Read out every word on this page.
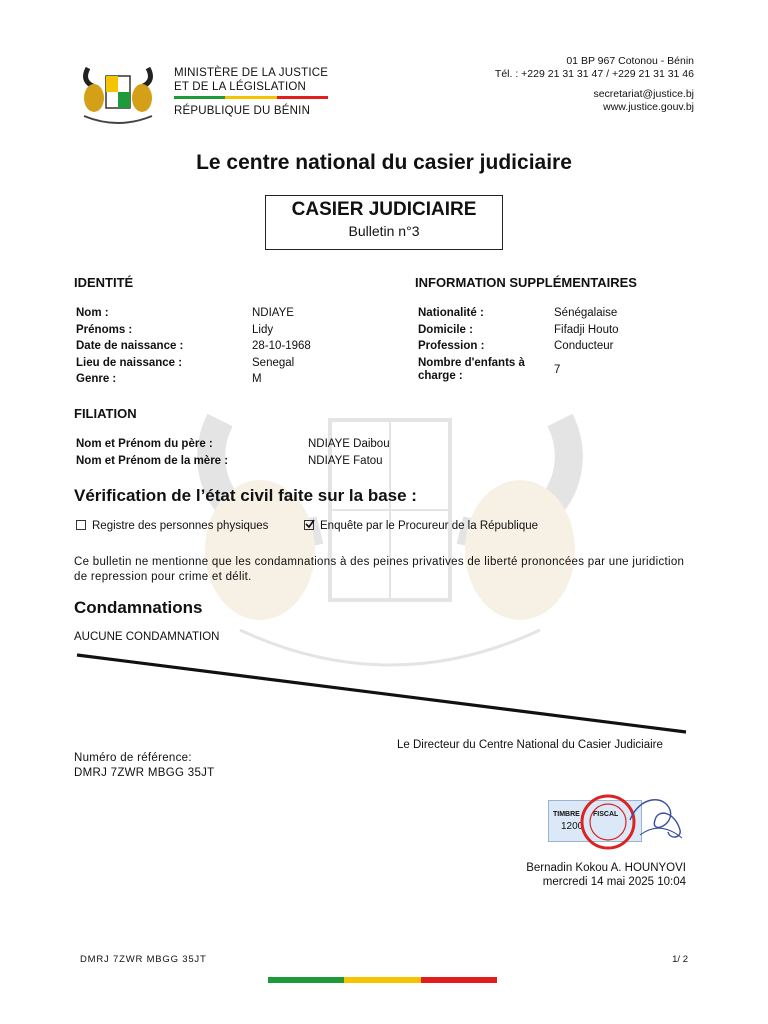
MINISTÈRE DE LA JUSTICE
ET DE LA LÉGISLATION
RÉPUBLIQUE DU BÉNIN
01 BP 967 Cotonou - Bénin
Tél. : +229 21 31 31 47 / +229 21 31 31 46
secretariat@justice.bj
www.justice.gouv.bj
Le centre national du casier judiciaire
CASIER JUDICIAIRE
Bulletin n°3
IDENTITÉ
Nom :	NDIAYE
Prénoms :	Lidy
Date de naissance :	28-10-1968
Lieu de naissance :	Senegal
Genre :	M
INFORMATION SUPPLÉMENTAIRES
Nationalité :	Sénégalaise
Domicile :	Fifadji Houto
Profession :	Conducteur
Nombre d'enfants à charge :	7
FILIATION
Nom et Prénom du père :	NDIAYE Daibou
Nom et Prénom de la mère :	NDIAYE Fatou
Vérification de l’état civil faite sur la base :
Registre des personnes physiques	Enquête par le Procureur de la République
Ce bulletin ne mentionne que les condamnations à des peines privatives de liberté prononcées par une juridiction de repression pour crime et délit.
Condamnations
AUCUNE CONDAMNATION
Le Directeur du Centre National du Casier Judiciaire
Numéro de référence:
DMRJ 7ZWR MBGG 35JT
TIMBRE FISCAL
1200
Bernadin Kokou A. HOUNYOVI
mercredi 14 mai 2025 10:04
DMRJ 7ZWR MBGG 35JT	1/ 2
